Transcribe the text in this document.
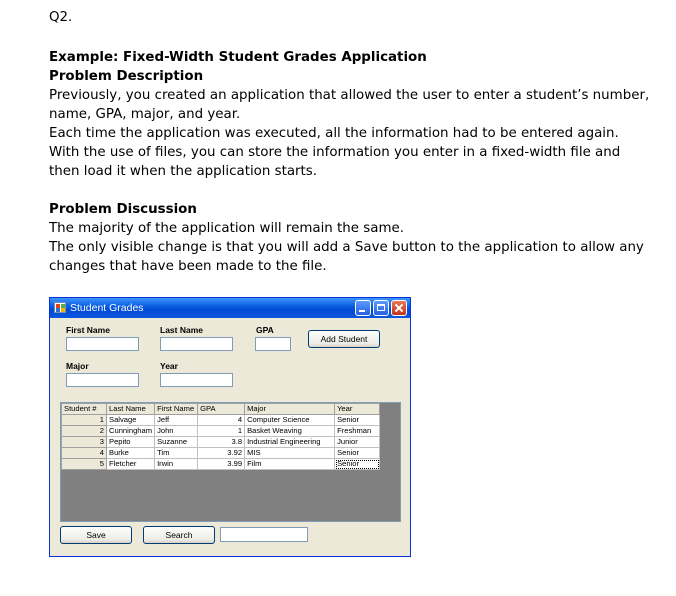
Q2.
Example: Fixed-Width Student Grades Application
Problem Description
Previously, you created an application that allowed the user to enter a student’s number,
name, GPA, major, and year.
Each time the application was executed, all the information had to be entered again.
With the use of files, you can store the information you enter in a fixed-width file and
then load it when the application starts.
Problem Discussion
The majority of the application will remain the same.
The only visible change is that you will add a Save button to the application to allow any
changes that have been made to the file.
Student Grades
First Name	Last Name	GPA
Add Student
Major	Year
Student #	Last Name	First Name	GPA	Major	Year
1	Salvage	Jeff	4	Computer Science	Senior
2	Cunningham	John	1	Basket Weaving	Freshman
3	Pepito	Suzanne	3.8	Industrial Engineering	Junior
4	Burke	Tim	3.92	MIS	Senior
5	Fletcher	Irwin	3.99	Film	Senior
Save	Search
